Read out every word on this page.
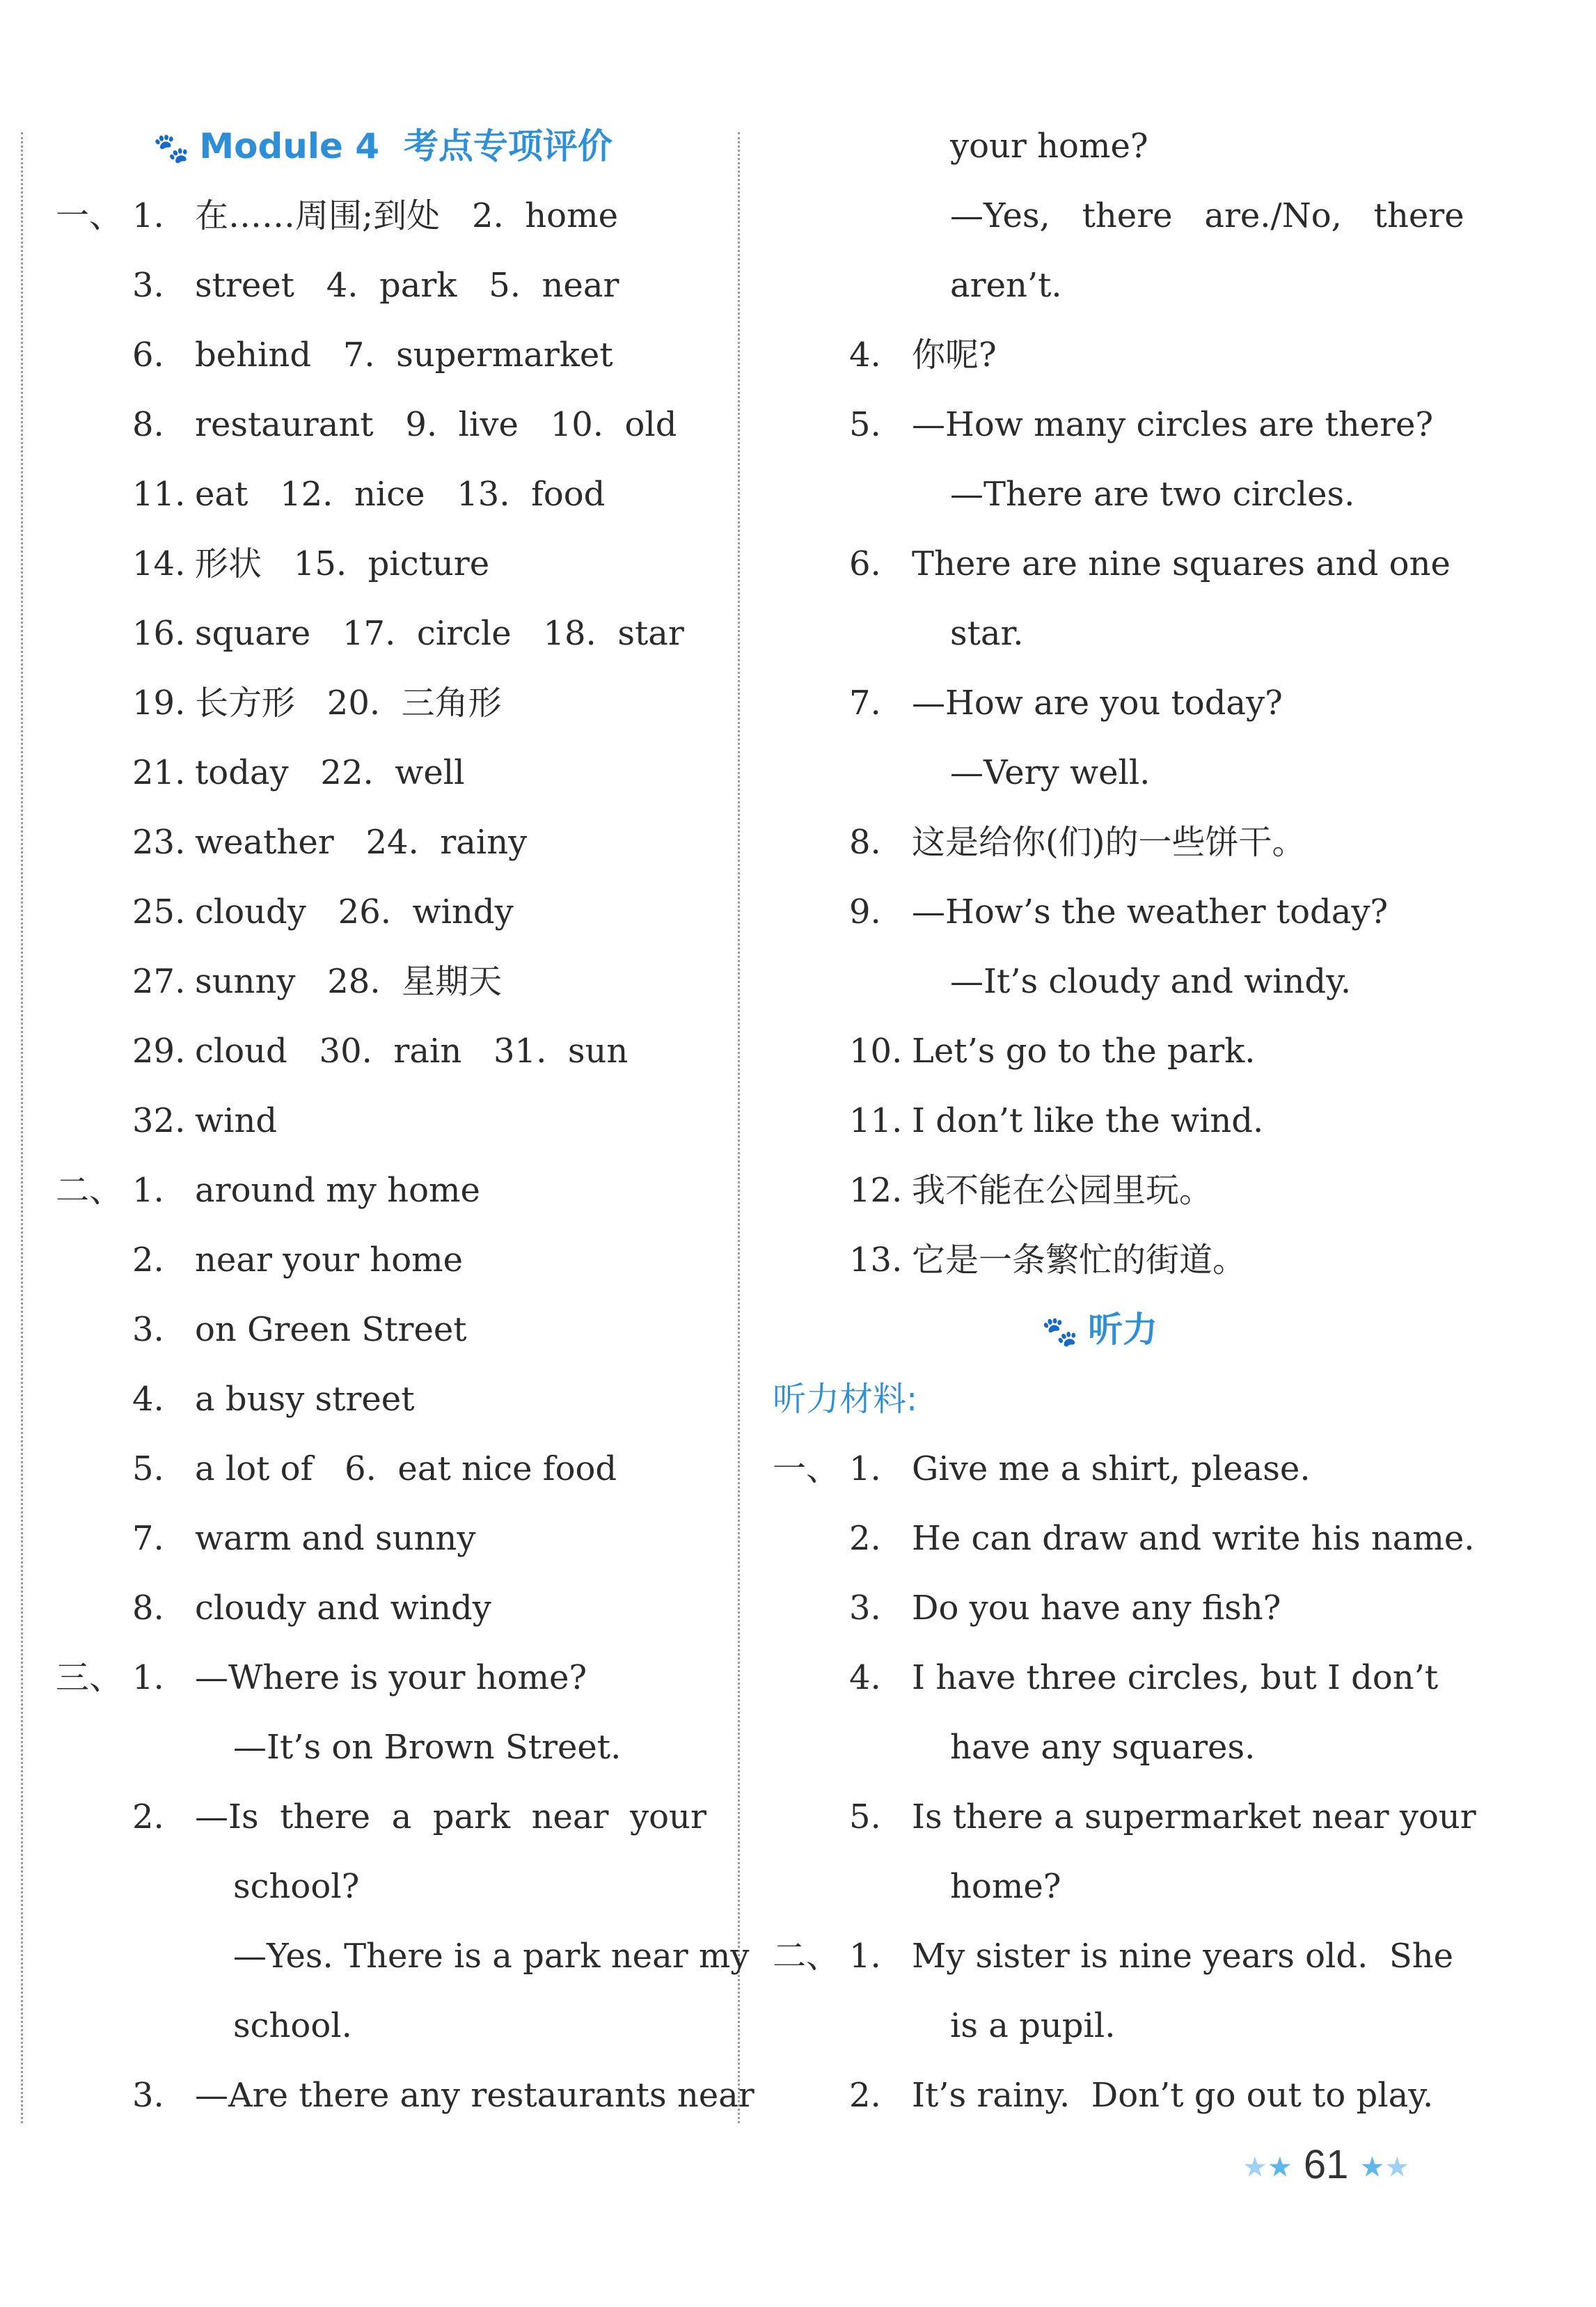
🐾 Module 4 考点专项评价
一、 1. 在……周围;到处   2.  home
3. street   4.  park   5.  near
6. behind   7.  supermarket
8. restaurant   9.  live   10.  old
11. eat   12.  nice   13.  food
14. 形状   15.  picture
16. square   17.  circle   18.  star
19. 长方形   20.  三角形
21. today   22.  well
23. weather   24.  rainy
25. cloudy   26.  windy
27. sunny   28.  星期天
29. cloud   30.  rain   31.  sun
32. wind
二、 1. around my home
2. near your home
3. on Green Street
4. a busy street
5. a lot of   6.  eat nice food
7. warm and sunny
8. cloudy and windy
三、 1. —Where is your home?
—It’s on Brown Street.
2. —Is  there  a  park  near  your
school?
—Yes. There is a park near my
school.
3. —Are there any restaurants near
your home?
—Yes,   there   are./No,   there
aren’t.
4. 你呢?
5. —How many circles are there?
—There are two circles.
6. There are nine squares and one
star.
7. —How are you today?
—Very well.
8. 这是给你(们)的一些饼干。
9. —How’s the weather today?
—It’s cloudy and windy.
10. Let’s go to the park.
11. I don’t like the wind.
12. 我不能在公园里玩。
13. 它是一条繁忙的街道。
🐾 听力
听力材料:
一、 1. Give me a shirt, please.
2. He can draw and write his name.
3. Do you have any fish?
4. I have three circles, but I don’t
have any squares.
5. Is there a supermarket near your
home?
二、 1. My sister is nine years old.  She
is a pupil.
2. It’s rainy.  Don’t go out to play.
★★ 61 ★★
